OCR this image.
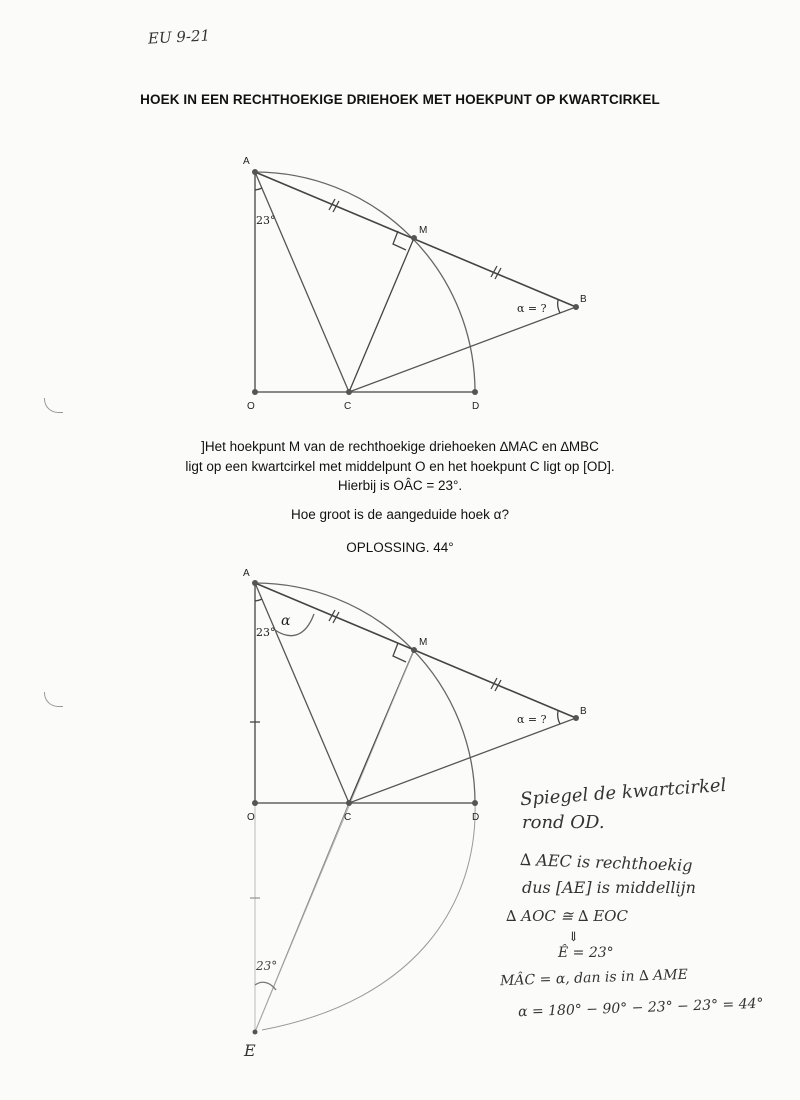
EU 9-21
HOEK IN EEN RECHTHOEKIGE DRIEHOEK MET HOEKPUNT OP KWARTCIRKEL
A
M
B
O	C	D
23°
α = ?
]Het hoekpunt M van de rechthoekige driehoeken ∆MAC en ∆MBC
ligt op een kwartcirkel met middelpunt O en het hoekpunt C ligt op [OD].
Hierbij is OÂC = 23°.
Hoe groot is de aangeduide hoek α?
OPLOSSING. 44°
A
M
B
O	C	D
23°
α = ?
α
23°
E
Spiegel de kwartcirkel
rond OD.
∆ AEC is rechthoekig
dus [AE] is middellijn
∆ AOC ≅ ∆ EOC
⇓
Ê = 23°
MÂC = α, dan is in ∆ AME
α = 180° − 90° − 23° − 23° = 44°
